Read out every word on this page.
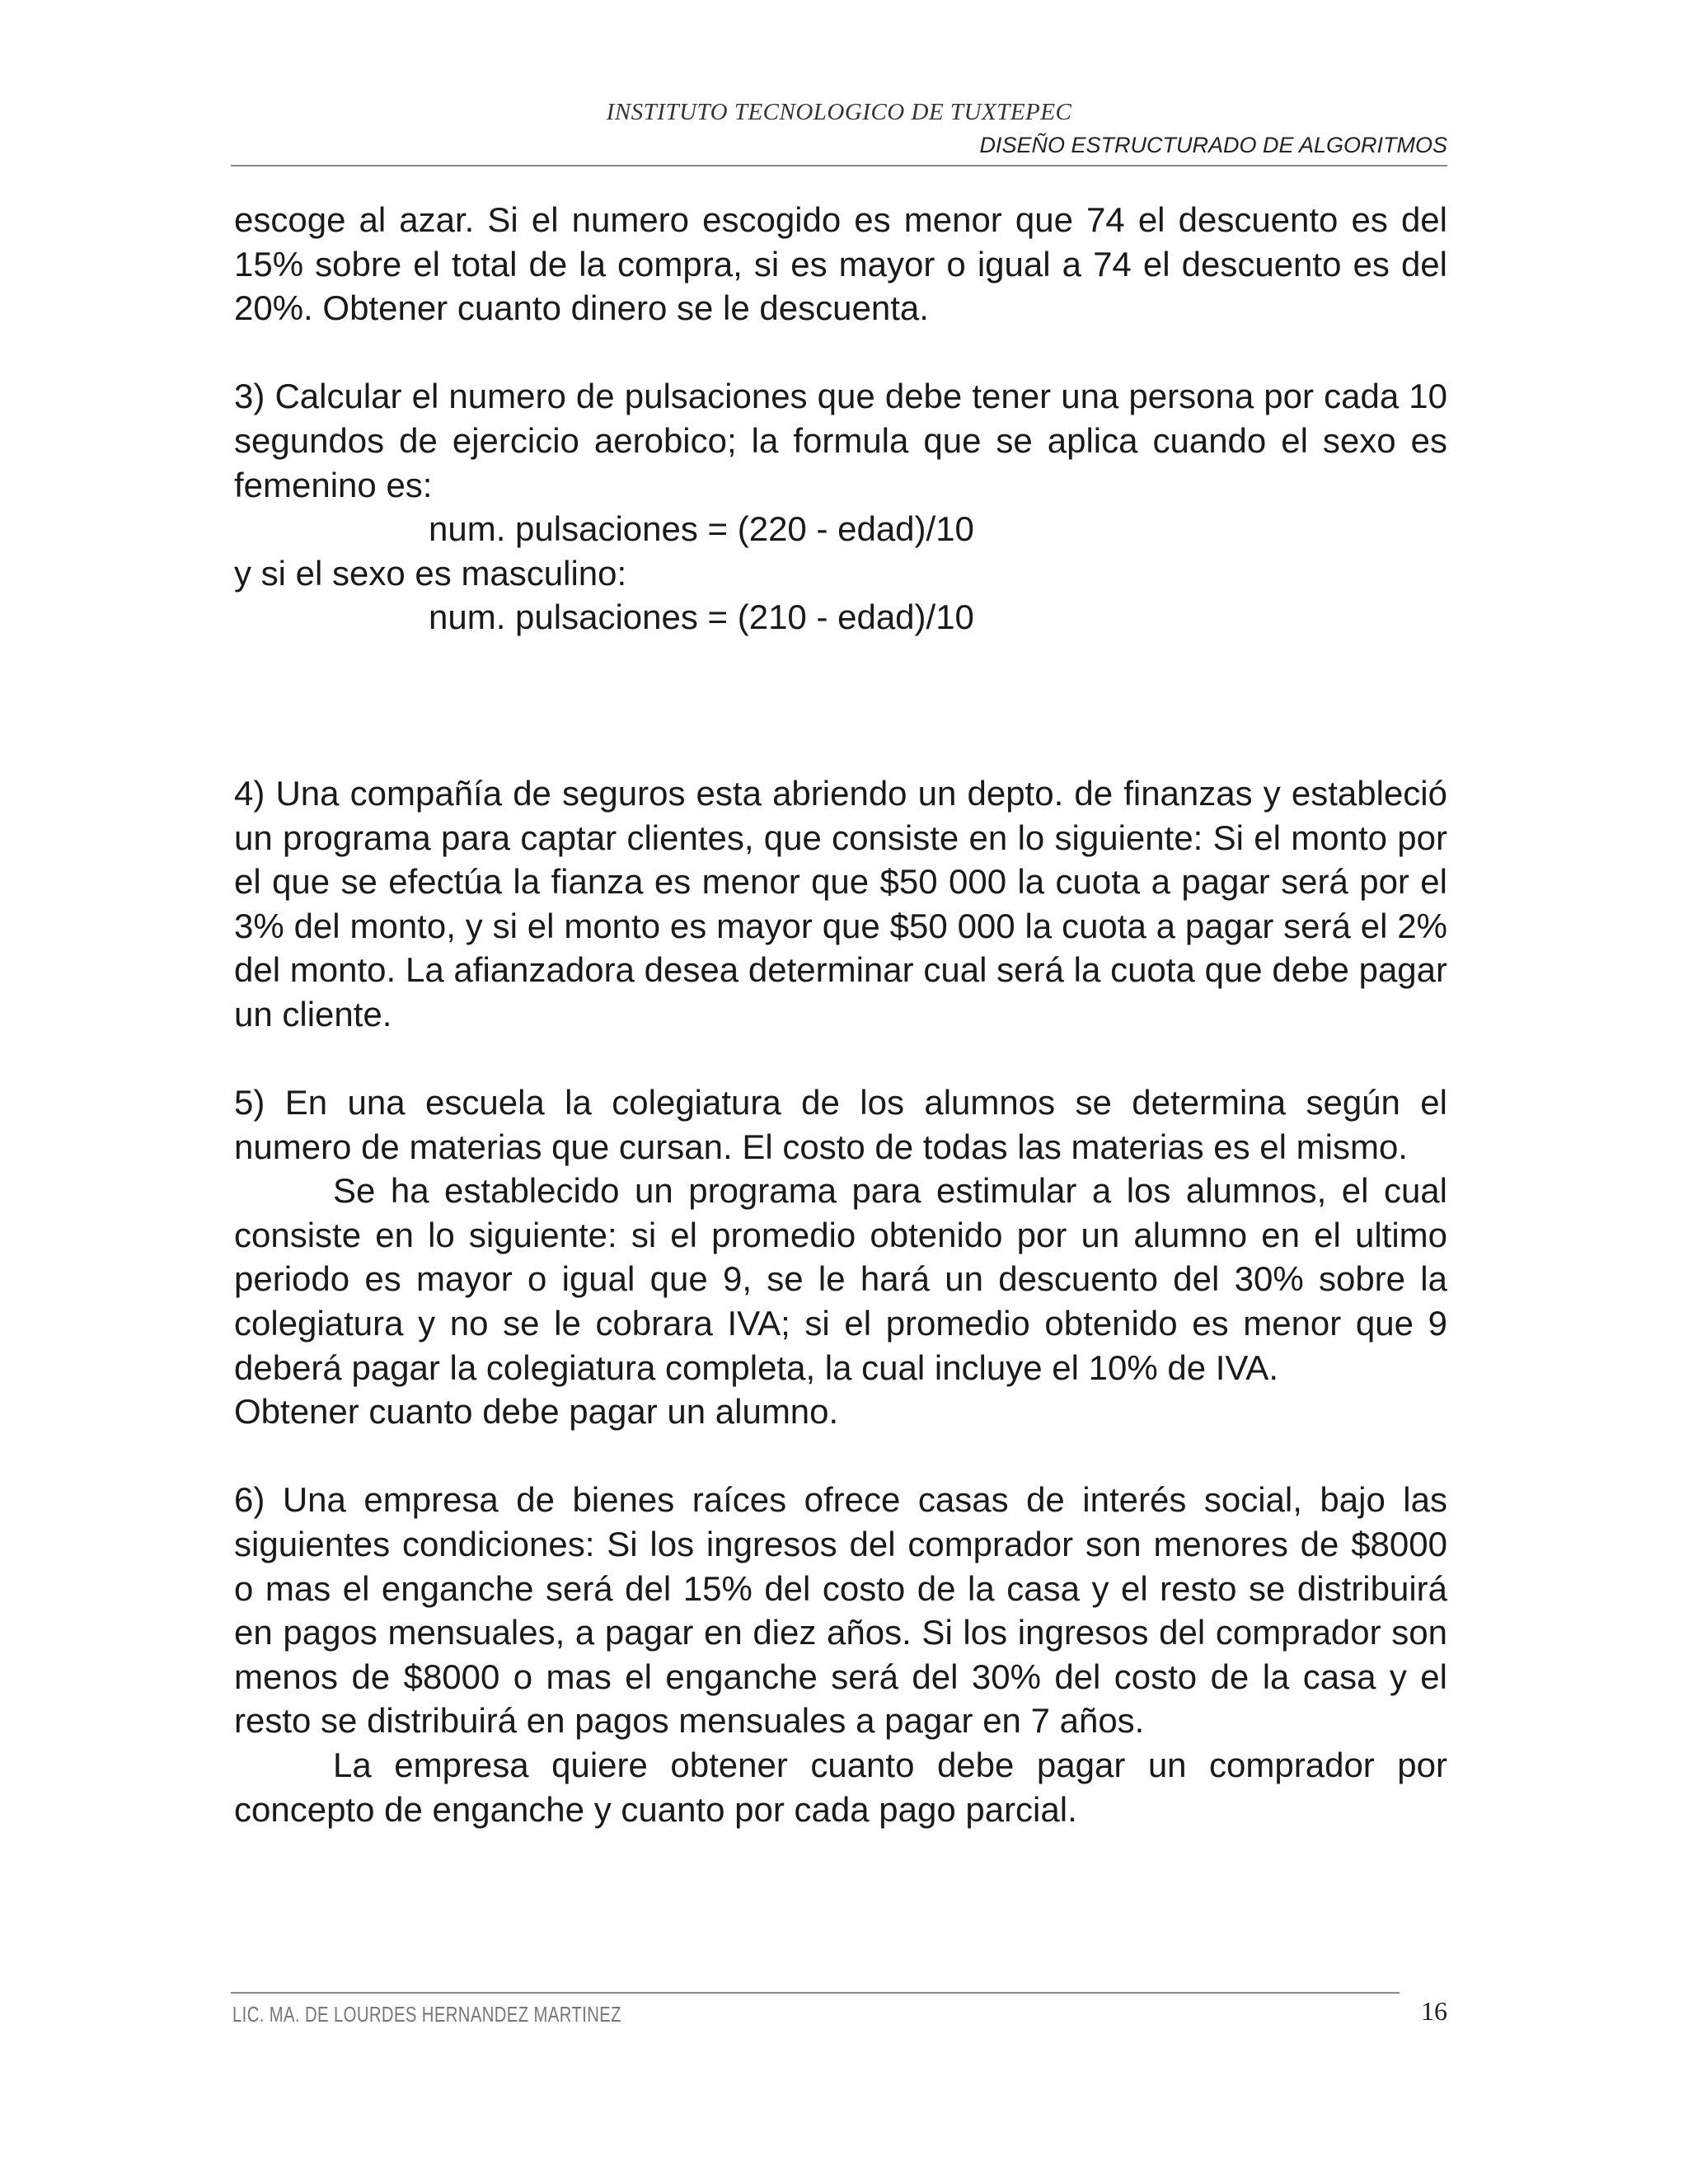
INSTITUTO TECNOLOGICO DE TUXTEPEC
DISEÑO ESTRUCTURADO DE ALGORITMOS

escoge al azar. Si el numero escogido es menor que 74 el descuento es del 15% sobre el total de la compra, si es mayor o igual a 74 el descuento es del 20%. Obtener cuanto dinero se le descuenta.

3) Calcular el numero de pulsaciones que debe tener una persona por cada 10 segundos de ejercicio aerobico; la formula que se aplica cuando el sexo es femenino es:

num. pulsaciones = (220 - edad)/10

y si el sexo es masculino:

num. pulsaciones = (210 - edad)/10

4) Una compañía de seguros esta abriendo un depto. de finanzas y estableció un programa para captar clientes, que consiste en lo siguiente: Si el monto por el que se efectúa la fianza es menor que $50 000 la cuota a pagar será por el 3% del monto, y si el monto es mayor que $50 000 la cuota a pagar será el 2% del monto. La afianzadora desea determinar cual será la cuota que debe pagar un cliente.

5) En una escuela la colegiatura de los alumnos se determina según el numero de materias que cursan. El costo de todas las materias es el mismo.

Se ha establecido un programa para estimular a los alumnos, el cual consiste en lo siguiente: si el promedio obtenido por un alumno en el ultimo periodo es mayor o igual que 9, se le hará un descuento del 30% sobre la colegiatura y no se le cobrara IVA; si el promedio obtenido es menor que 9 deberá pagar la colegiatura completa, la cual incluye el 10% de IVA.

Obtener cuanto debe pagar un alumno.

6) Una empresa de bienes raíces ofrece casas de interés social, bajo las siguientes condiciones: Si los ingresos del comprador son menores de $8000 o mas el enganche será del 15% del costo de la casa y el resto se distribuirá en pagos mensuales, a pagar en diez años. Si los ingresos del comprador son menos de $8000 o mas el enganche será del 30% del costo de la casa y el resto se distribuirá en pagos mensuales a pagar en 7 años.

La empresa quiere obtener cuanto debe pagar un comprador por concepto de enganche y cuanto por cada pago parcial.

LIC. MA. DE LOURDES HERNANDEZ MARTINEZ	16
